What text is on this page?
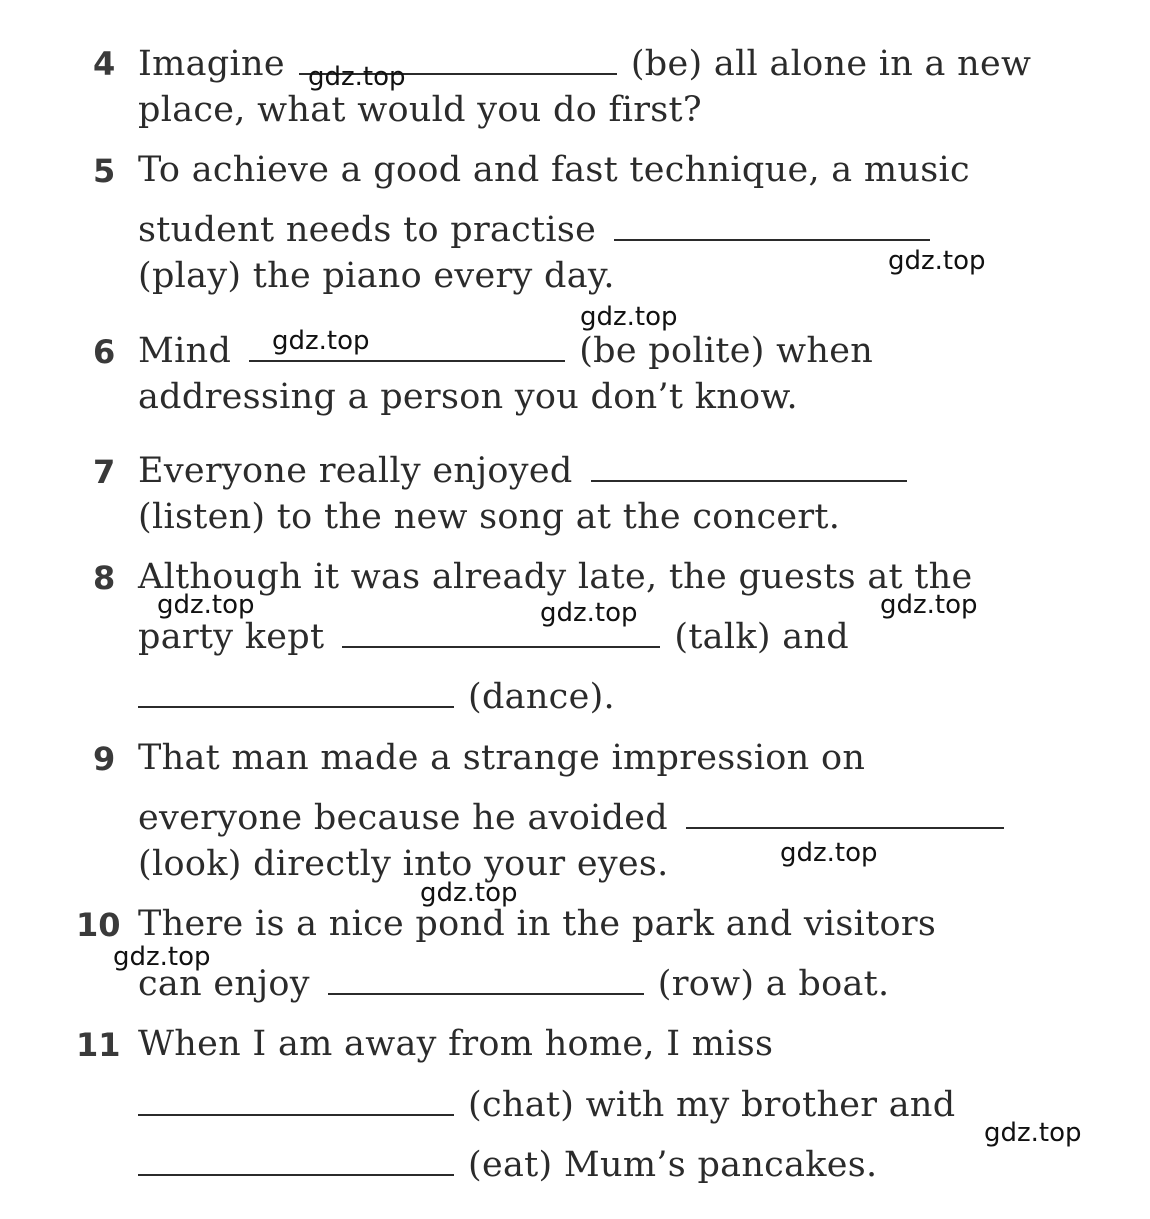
4 Imagine	(be) all alone in a new

place, what would you do first?

5 To achieve a good and fast technique, a music

student needs to practise

(play) the piano every day.

6 Mind	(be polite) when

addressing a person you don’t know.

7 Everyone really enjoyed

(listen) to the new song at the concert.

8 Although it was already late, the guests at the

party kept	(talk) and

(dance).

9 That man made a strange impression on

everyone because he avoided

(look) directly into your eyes.

10 There is a nice pond in the park and visitors

can enjoy	(row) a boat.

11 When I am away from home, I miss

(chat) with my brother and

(eat) Mum’s pancakes.

gdz.top
gdz.top
gdz.top
gdz.top
gdz.top	gdz.top	gdz.top
gdz.top
gdz.top
gdz.top
gdz.top
